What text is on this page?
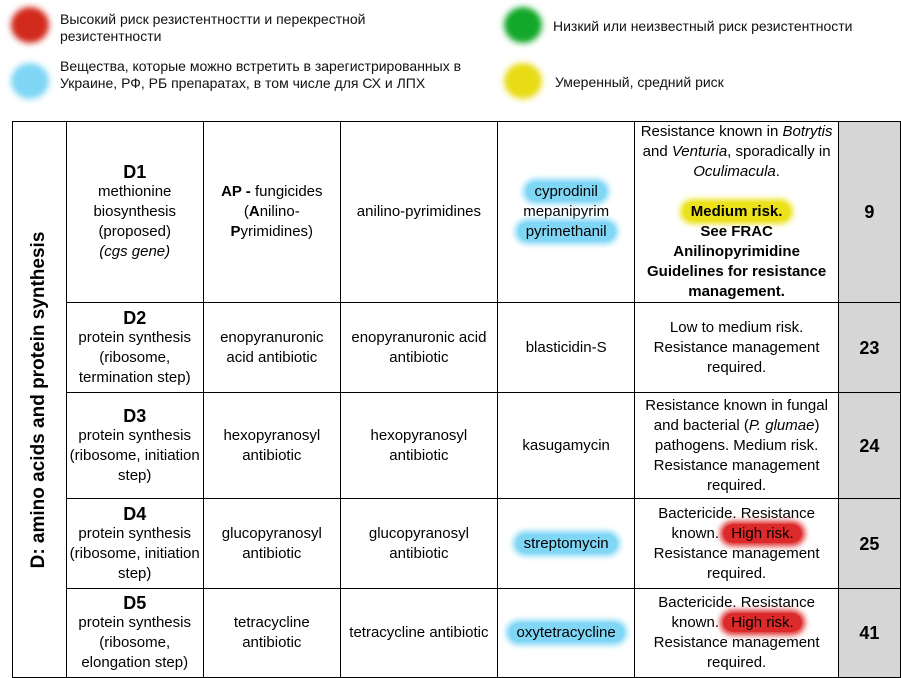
Высокий риск резистентностти и перекрестной резистентности
Низкий или неизвестный риск резистентности
Вещества, которые можно встретить в зарегистрированных в Украине, РФ, РБ препаратах, в том числе для СХ и ЛПХ	Умеренный, средний риск
D: amino acids and protein synthesis	D1
methionine biosynthesis (proposed)
(cgs gene)	AP - fungicides (Anilino-
Pyrimidines)	anilino-pyrimidines	cyprodinil
mepanipyrim
pyrimethanil	Resistance known in Botrytis and Venturia, sporadically in Oculimacula.

Medium risk.
See FRAC Anilinopyrimidine Guidelines for resistance management.	9

	D2
protein synthesis (ribosome, termination step)	enopyranuronic acid antibiotic	enopyranuronic acid antibiotic	blasticidin-S	Low to medium risk. Resistance management required.	23

	D3
protein synthesis (ribosome, initiation step)	hexopyranosyl antibiotic	hexopyranosyl antibiotic	kasugamycin	Resistance known in fungal and bacterial (P. glumae) pathogens. Medium risk. Resistance management required.	24

	D4
protein synthesis (ribosome, initiation step)	glucopyranosyl antibiotic	glucopyranosyl antibiotic	streptomycin	Bactericide. Resistance known. High risk.
Resistance management required.	25

	D5
protein synthesis (ribosome, elongation step)	tetracycline antibiotic	tetracycline antibiotic	oxytetracycline	Bactericide. Resistance known. High risk.
Resistance management required.	41
